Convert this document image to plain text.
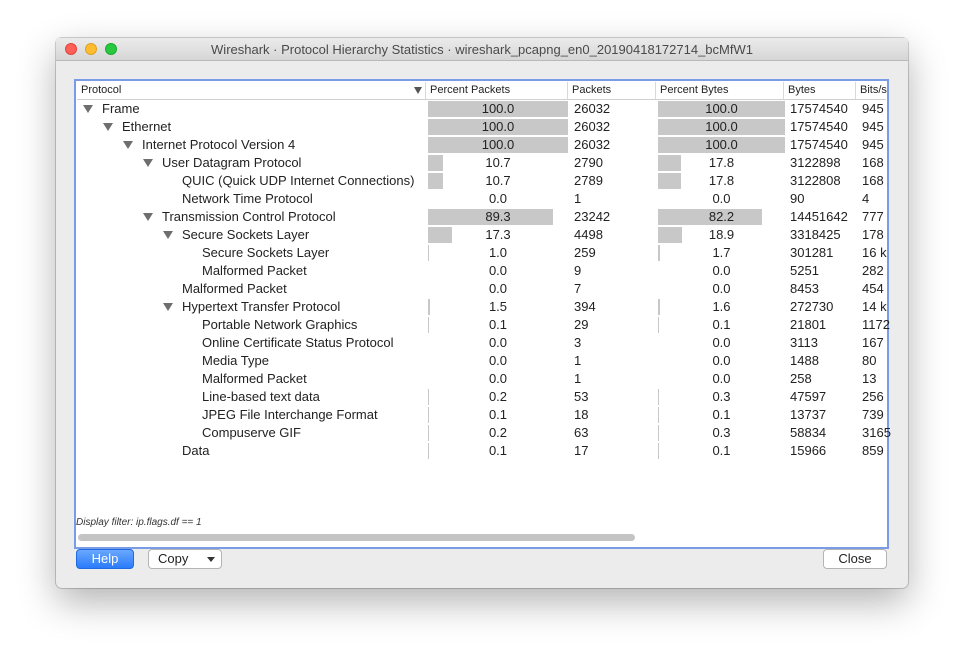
Wireshark · Protocol Hierarchy Statistics · wireshark_pcapng_en0_20190418172714_bcMfW1
Protocol	Percent Packets	Packets	Percent Bytes	Bytes	Bits/s
Frame	100.0	26032	100.0	17574540	945
Ethernet	100.0	26032	100.0	17574540	945
Internet Protocol Version 4	100.0	26032	100.0	17574540	945
User Datagram Protocol	10.7	2790	17.8	3122898	168
QUIC (Quick UDP Internet Connections)	10.7	2789	17.8	3122808	168
Network Time Protocol	0.0	1	0.0	90	4
Transmission Control Protocol	89.3	23242	82.2	14451642	777
Secure Sockets Layer	17.3	4498	18.9	3318425	178
Secure Sockets Layer	1.0	259	1.7	301281	16 k
Malformed Packet	0.0	9	0.0	5251	282
Malformed Packet	0.0	7	0.0	8453	454
Hypertext Transfer Protocol	1.5	394	1.6	272730	14 k
Portable Network Graphics	0.1	29	0.1	21801	1172
Online Certificate Status Protocol	0.0	3	0.0	3113	167
Media Type	0.0	1	0.0	1488	80
Malformed Packet	0.0	1	0.0	258	13
Line-based text data	0.2	53	0.3	47597	256
JPEG File Interchange Format	0.1	18	0.1	13737	739
Compuserve GIF	0.2	63	0.3	58834	3165
Data	0.1	17	0.1	15966	859
Display filter: ip.flags.df == 1
Help	Copy	Close
